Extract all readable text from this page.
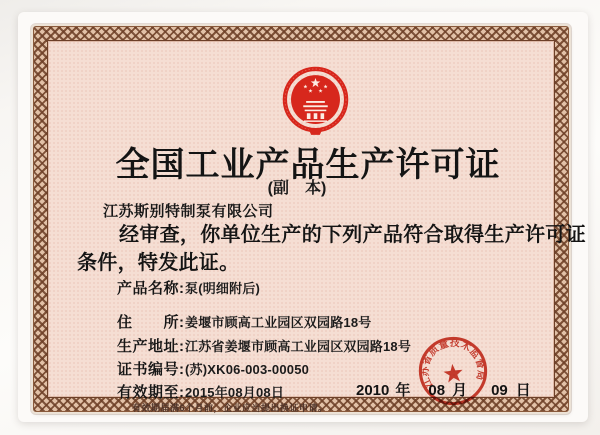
全国工业产品生产许可证
(副　本)
江苏斯别特制泵有限公司
经审查，你单位生产的下列产品符合取得生产许可证
条件，特发此证。
产品名称: 泵(明细附后)
住　　所: 姜堰市顾高工业园区双园路18号
生产地址: 江苏省姜堰市顾高工业园区双园路18号
证书编号: (苏)XK06-003-00050
有效期至: 2015年08月08日	2010 年 08 月 09 日
有效期届满6个月前，企业应当提出换证申请。
江苏省质量技术监督局
